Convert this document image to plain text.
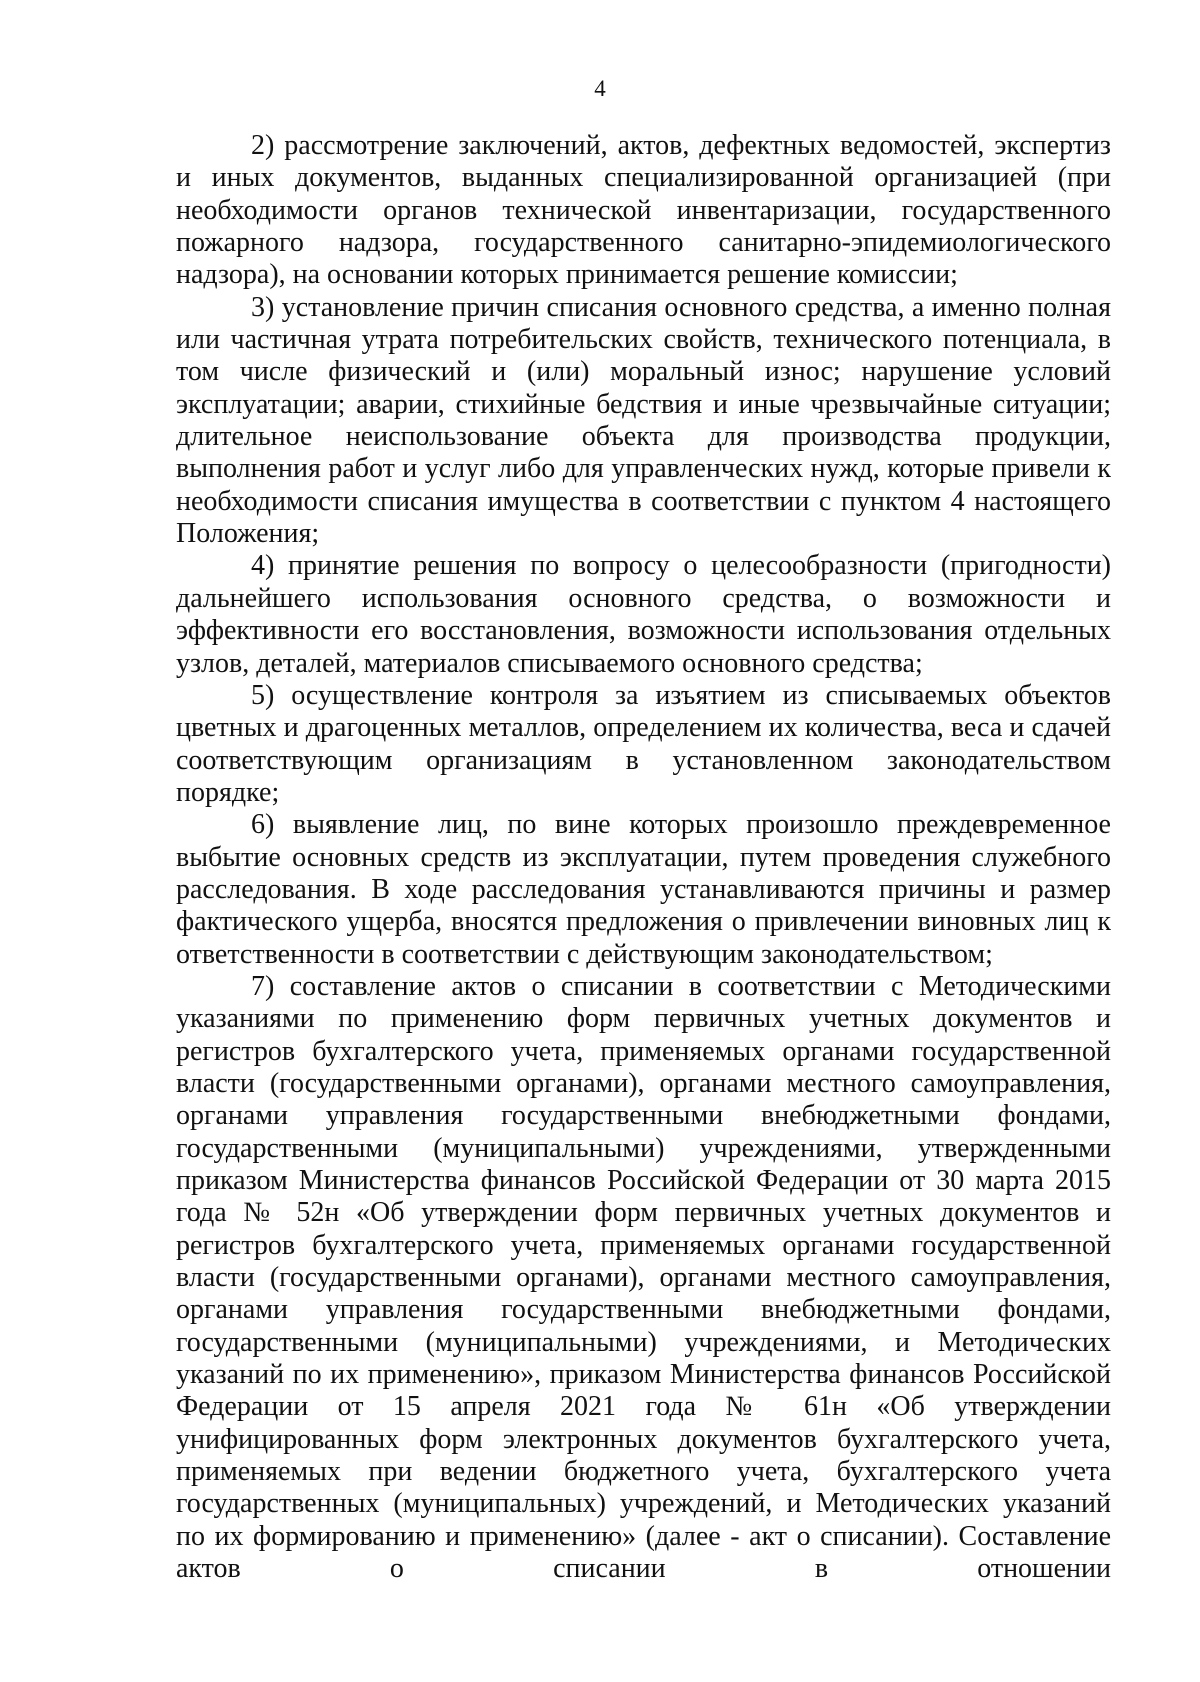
4

2) рассмотрение заключений, актов, дефектных ведомостей, экспертиз и иных документов, выданных специализированной организацией (при необходимости органов технической инвентаризации, государственного пожарного надзора, государственного санитарно-эпидемиологического надзора), на основании которых принимается решение комиссии;

3) установление причин списания основного средства, а именно полная или частичная утрата потребительских свойств, технического потенциала, в том числе физический и (или) моральный износ; нарушение условий эксплуатации; аварии, стихийные бедствия и иные чрезвычайные ситуации; длительное неиспользование объекта для производства продукции, выполнения работ и услуг либо для управленческих нужд, которые привели к необходимости списания имущества в соответствии с пунктом 4 настоящего Положения;

4) принятие решения по вопросу о целесообразности (пригодности) дальнейшего использования основного средства, о возможности и эффективности его восстановления, возможности использования отдельных узлов, деталей, материалов списываемого основного средства;

5) осуществление контроля за изъятием из списываемых объектов цветных и драгоценных металлов, определением их количества, веса и сдачей соответствующим организациям в установленном законодательством порядке;

6) выявление лиц, по вине которых произошло преждевременное выбытие основных средств из эксплуатации, путем проведения служебного расследования. В ходе расследования устанавливаются причины и размер фактического ущерба, вносятся предложения о привлечении виновных лиц к ответственности в соответствии с действующим законодательством;

7) составление актов о списании в соответствии с Методическими указаниями по применению форм первичных учетных документов и регистров бухгалтерского учета, применяемых органами государственной власти (государственными органами), органами местного самоуправления, органами управления государственными внебюджетными фондами, государственными (муниципальными) учреждениями, утвержденными приказом Министерства финансов Российской Федерации от 30 марта 2015 года № 52н «Об утверждении форм первичных учетных документов и регистров бухгалтерского учета, применяемых органами государственной власти (государственными органами), органами местного самоуправления, органами управления государственными внебюджетными фондами, государственными (муниципальными) учреждениями, и Методических указаний по их применению», приказом Министерства финансов Российской Федерации от 15 апреля 2021 года № 61н «Об утверждении унифицированных форм электронных документов бухгалтерского учета, применяемых при ведении бюджетного учета, бухгалтерского учета государственных (муниципальных) учреждений, и Методических указаний по их формированию и применению» (далее - акт о списании). Составление актов о списании в отношении
